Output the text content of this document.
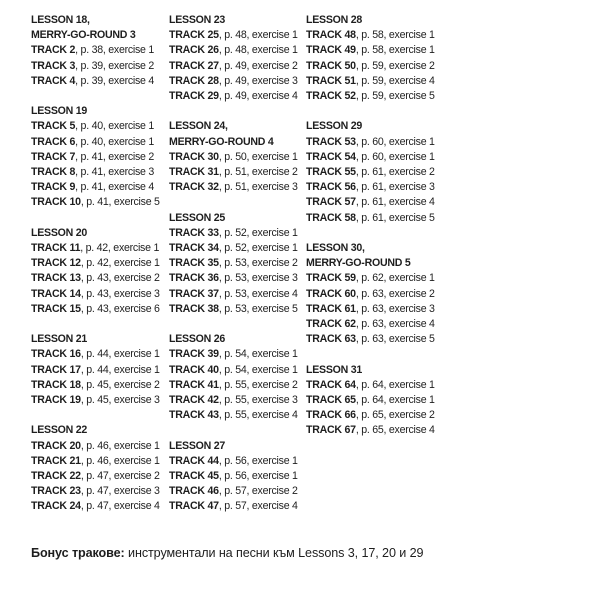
LESSON 18,
MERRY-GO-ROUND 3
TRACK 2, p. 38, exercise 1
TRACK 3, p. 39, exercise 2
TRACK 4, p. 39, exercise 4
LESSON 19
TRACK 5, p. 40, exercise 1
TRACK 6, p. 40, exercise 1
TRACK 7, p. 41, exercise 2
TRACK 8, p. 41, exercise 3
TRACK 9, p. 41, exercise 4
TRACK 10, p. 41, exercise 5
LESSON 20
TRACK 11, p. 42, exercise 1
TRACK 12, p. 42, exercise 1
TRACK 13, p. 43, exercise 2
TRACK 14, p. 43, exercise 3
TRACK 15, p. 43, exercise 6
LESSON 21
TRACK 16, p. 44, exercise 1
TRACK 17, p. 44, exercise 1
TRACK 18, p. 45, exercise 2
TRACK 19, p. 45, exercise 3
LESSON 22
TRACK 20, p. 46, exercise 1
TRACK 21, p. 46, exercise 1
TRACK 22, p. 47, exercise 2
TRACK 23, p. 47, exercise 3
TRACK 24, p. 47, exercise 4
LESSON 23
TRACK 25, p. 48, exercise 1
TRACK 26, p. 48, exercise 1
TRACK 27, p. 49, exercise 2
TRACK 28, p. 49, exercise 3
TRACK 29, p. 49, exercise 4
LESSON 24,
MERRY-GO-ROUND 4
TRACK 30, p. 50, exercise 1
TRACK 31, p. 51, exercise 2
TRACK 32, p. 51, exercise 3
LESSON 25
TRACK 33, p. 52, exercise 1
TRACK 34, p. 52, exercise 1
TRACK 35, p. 53, exercise 2
TRACK 36, p. 53, exercise 3
TRACK 37, p. 53, exercise 4
TRACK 38, p. 53, exercise 5
LESSON 26
TRACK 39, p. 54, exercise 1
TRACK 40, p. 54, exercise 1
TRACK 41, p. 55, exercise 2
TRACK 42, p. 55, exercise 3
TRACK 43, p. 55, exercise 4
LESSON 27
TRACK 44, p. 56, exercise 1
TRACK 45, p. 56, exercise 1
TRACK 46, p. 57, exercise 2
TRACK 47, p. 57, exercise 4
LESSON 28
TRACK 48, p. 58, exercise 1
TRACK 49, p. 58, exercise 1
TRACK 50, p. 59, exercise 2
TRACK 51, p. 59, exercise 4
TRACK 52, p. 59, exercise 5
LESSON 29
TRACK 53, p. 60, exercise 1
TRACK 54, p. 60, exercise 1
TRACK 55, p. 61, exercise 2
TRACK 56, p. 61, exercise 3
TRACK 57, p. 61, exercise 4
TRACK 58, p. 61, exercise 5
LESSON 30,
MERRY-GO-ROUND 5
TRACK 59, p. 62, exercise 1
TRACK 60, p. 63, exercise 2
TRACK 61, p. 63, exercise 3
TRACK 62, p. 63, exercise 4
TRACK 63, p. 63, exercise 5
LESSON 31
TRACK 64, p. 64, exercise 1
TRACK 65, p. 64, exercise 1
TRACK 66, p. 65, exercise 2
TRACK 67, p. 65, exercise 4
Бонус тракове: инструментали на песни към Lessons 3, 17, 20 и 29
